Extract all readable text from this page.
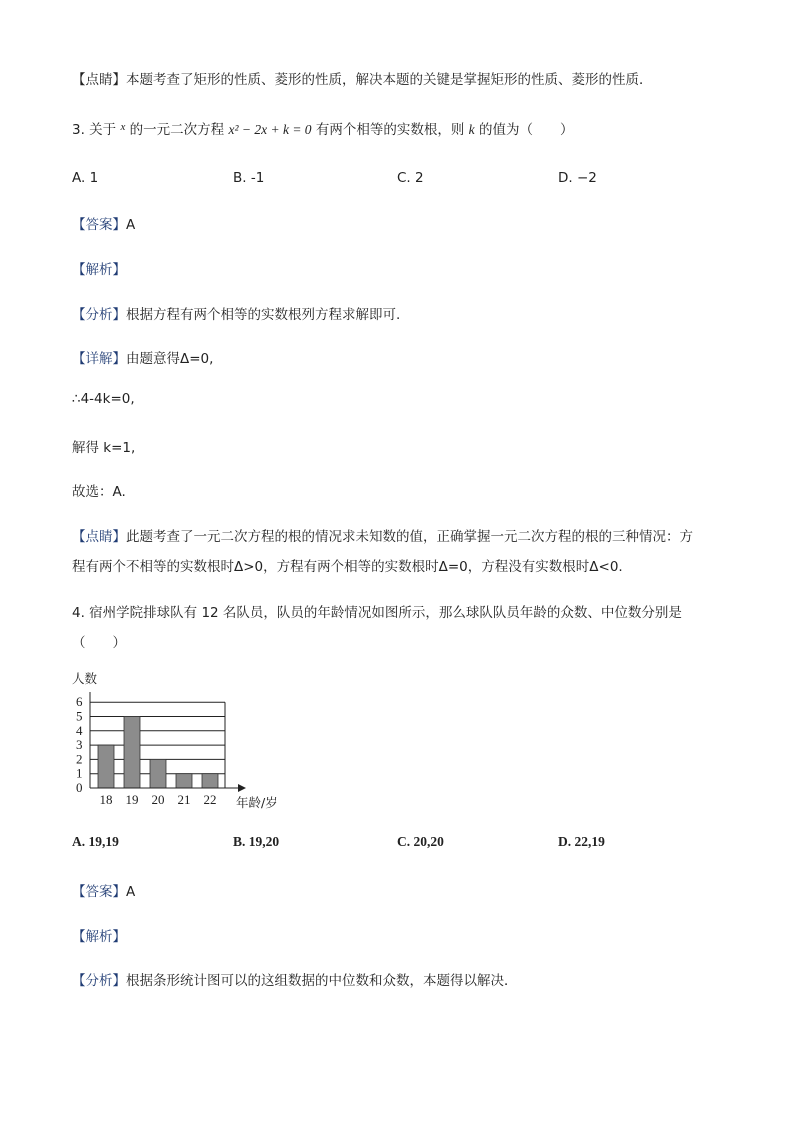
【点睛】本题考查了矩形的性质、菱形的性质，解决本题的关键是掌握矩形的性质、菱形的性质．
3. 关于 $^x$ 的一元二次方程 x² − 2x + k = 0 有两个相等的实数根，则 k 的值为（　　）
A. 1	B. -1	C. 2	D. −2
【答案】A
【解析】
【分析】根据方程有两个相等的实数根列方程求解即可.
【详解】由题意得Δ=0,
∴4-4k=0,
解得 k=1,
故选：A.
【点睛】此题考查了一元二次方程的根的情况求未知数的值，正确掌握一元二次方程的根的三种情况：方
程有两个不相等的实数根时Δ>0，方程有两个相等的实数根时Δ=0，方程没有实数根时Δ<0.
4. 宿州学院排球队有 12 名队员，队员的年龄情况如图所示，那么球队队员年龄的众数、中位数分别是
（　　）
人数
0
1
2
3
4
5
6
18 19 20 21 22 年龄/岁
A. 19,19	B. 19,20	C. 20,20	D. 22,19
【答案】A
【解析】
【分析】根据条形统计图可以的这组数据的中位数和众数，本题得以解决．
